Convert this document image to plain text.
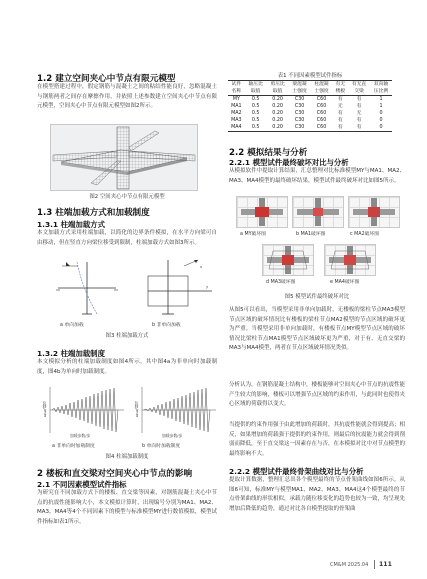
1.2 建立空间夹心中节点有限元模型
在模型搭建过程中，假定钢筋与混凝土之间的粘结性能良好，忽略混凝土与钢筋两者之间存在摩擦作用，并依照上述参数建立空间夹心中节点有限元模型，空间夹心中节点有限元模型如图2所示。
图2 空间夹心中节点有限元模型
1.3 柱端加载方式和加载制度
1.3.1 柱端加载方式
本文加载方式采用柱端加载，以简化的边界条件模拟，在水平方向梁可自由移动，但在竖直方向梁位移受到限制，柱端加载方式如图3所示。
x
y
a 单向加载	b 非单向加载
图3 柱端加载方式
1.3.2 柱端加载制度
本文模拟分析的柱端加载制度如图4所示，其中图4a为非单向时加载制度，图4b为单向时加载制度。
位移/mm
加载步数/步
位移/mm
加载步数/步
a 非单向时加载制度	b 单向时加载制度
图4 柱端加载制度
2 楼板和直交梁对空间夹心中节点的影响
2.1 不同因素模型试件指标
为研究在不同加载方式下的楼板、直交梁等因素，对钢筋混凝土夹心中节点的抗震性能影响大小，本文模拟计算时，出现编号分别为MA1、MA2、MA3、MA4等4个不同因素下的模型与标准模型MY进行数值模拟，模型试件指标如表1所示。
表1 不同因素模型试件指标
试件	轴压比	剪压比	梁混凝	柱混凝	有无	有无直	双向轴
名称	取值	取值	土强度	土强度	楼板	交梁	压比例
MY	0.5	0.20	C30	C60	有	有	1
MA1	0.5	0.20	C30	C60	无	有	1
MA2	0.5	0.20	C30	C60	有	无	0
MA3	0.5	0.20	C30	C60	有	有	0
MA4	0.5	0.20	C30	C60	有	有	0
2.2 模拟结果与分析
2.2.1 模型试件最终破坏对比与分析
从模拟软件中提取计算结果，汇总整理对比标准模型MY与MA1、MA2、MA3、MA4模型的最终破坏结果，模型试件最终破坏对比如图5所示。
a MY破坏图	b MA1破坏图	c MA2破坏图
d MA3破坏图	e MA4破坏图
图5 模型试件最终破坏对比
从图5可以看出，当模型采用非单向加载时，无楼板的梁柱节点MA3模型节点区域的破坏情况比有楼板的梁柱节点MA2模型的节点区域的破坏更为严重。当模型采用非单向加载时，有楼板节点MY模型节点区域的破坏情况比梁柱节点MA1模型节点区域破坏更为严重，对于有、无直交梁的MA3与MA4模型，两者在节点区域破坏情况类似。
分析认为，在钢筋混凝土结构中，楼板能够对空间夹心中节点的抗震性能产生较大的影响，楼板可以增强节点区域的约束作用，与此同时也使得夹心区域的荷载得以变大。
当提供的约束作用强于由此增加的荷载时，其抗震性能就会得到提高；相反，如果增加的荷载强于提供的约束作用，则最后的抗震能力就会得到削弱而降低，至于直交梁这一因素存在与否，在本模拟对比中对节点模型的最终影响不大。
2.2.2 模型试件最终骨架曲线对比与分析
提取计算数据，整理汇总出各个模型最终的节点骨架曲线如图6所示。从图6可知，标准MY与模型MA1、MA2、MA3、MA4这4个模型最终的节点骨架曲线的形状相似，承载力随位移变化的趋势也较为一致，均呈现先增加后降低的趋势，通过对比各自模型提取的骨架曲
CM&M 2025.04 111
